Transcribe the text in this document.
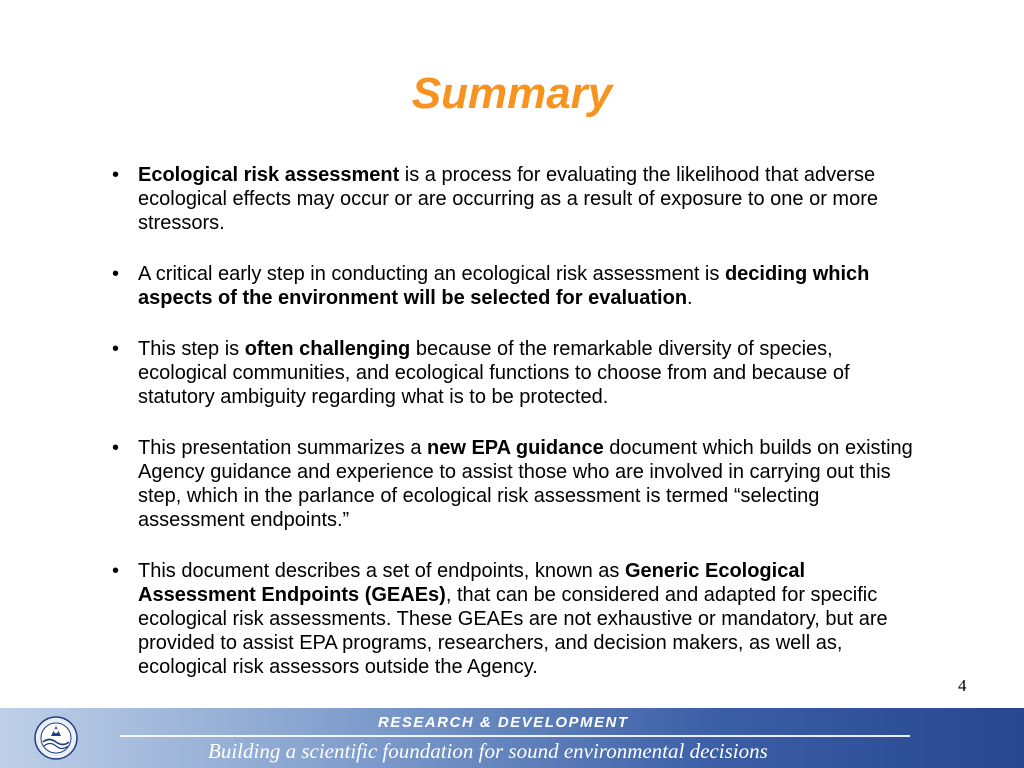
Summary
• Ecological risk assessment is a process for evaluating the likelihood that adverse ecological effects may occur or are occurring as a result of exposure to one or more stressors.
• A critical early step in conducting an ecological risk assessment is deciding which aspects of the environment will be selected for evaluation.
• This step is often challenging because of the remarkable diversity of species, ecological communities, and ecological functions to choose from and because of statutory ambiguity regarding what is to be protected.
• This presentation summarizes a new EPA guidance document which builds on existing Agency guidance and experience to assist those who are involved in carrying out this step, which in the parlance of ecological risk assessment is termed “selecting assessment endpoints.”
• This document describes a set of endpoints, known as Generic Ecological Assessment Endpoints (GEAEs), that can be considered and adapted for specific ecological risk assessments. These GEAEs are not exhaustive or mandatory, but are provided to assist EPA programs, researchers, and decision makers, as well as, ecological risk assessors outside the Agency.
4
RESEARCH & DEVELOPMENT
Building a scientific foundation for sound environmental decisions
